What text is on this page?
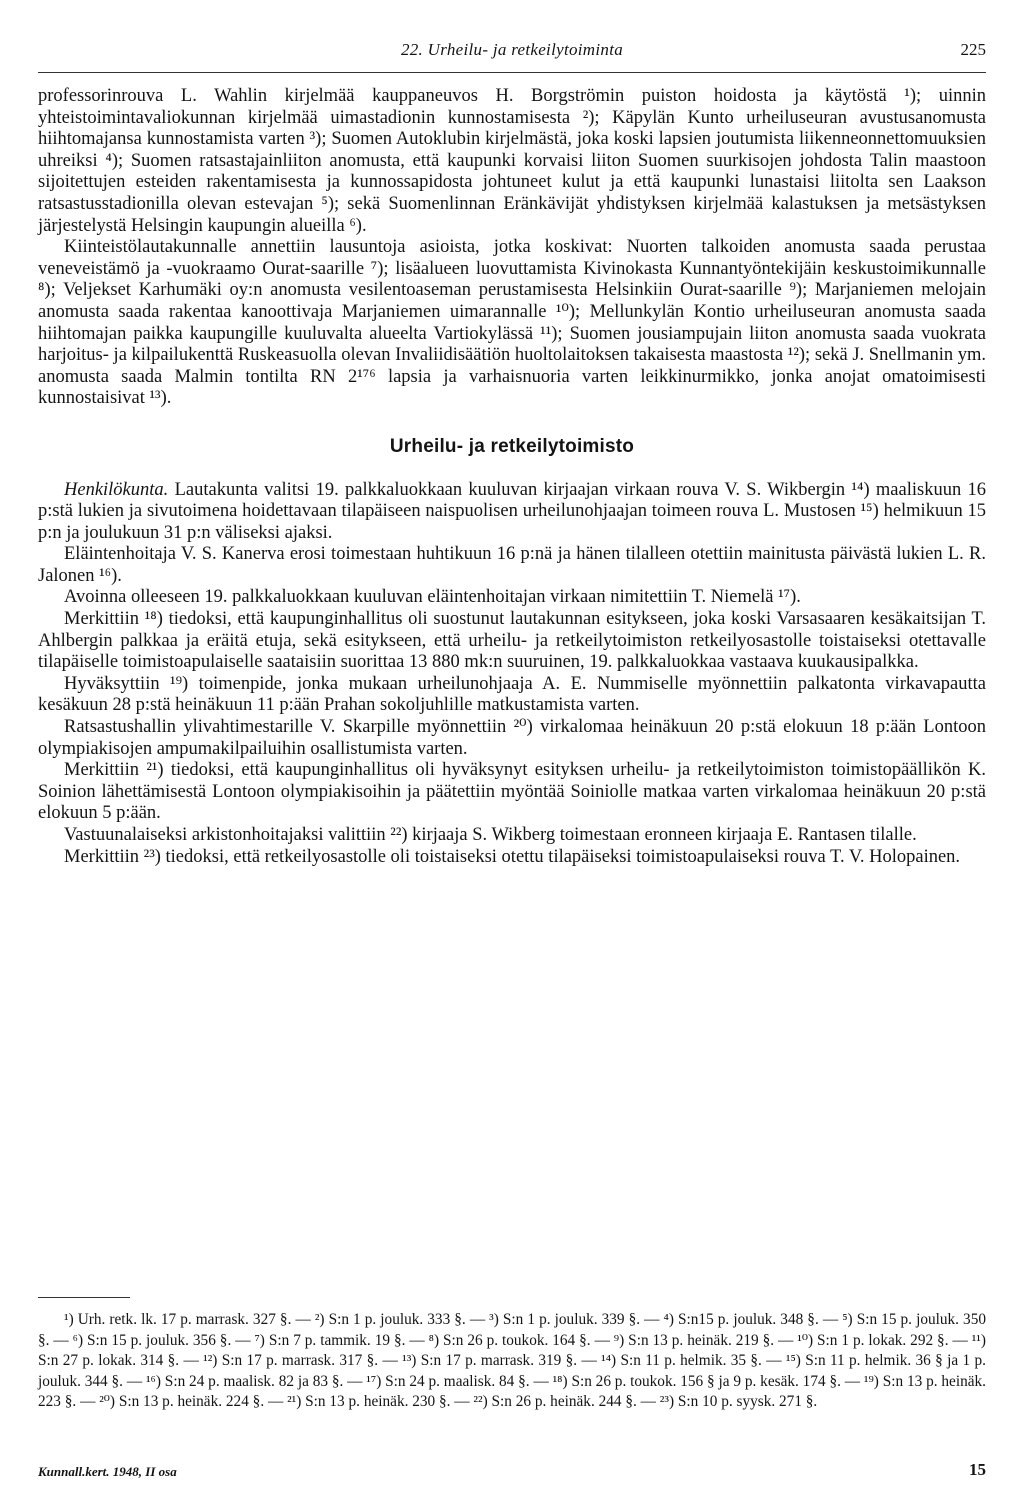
22. Urheilu- ja retkeilytoiminta	225

professorinrouva L. Wahlin kirjelmää kauppaneuvos H. Borgströmin puiston hoidosta ja käytöstä ¹); uinnin yhteistoimintavaliokunnan kirjelmää uimastadionin kunnostamisesta ²); Käpylän Kunto urheiluseuran avustusanomusta hiihtomajansa kunnostamista varten ³); Suomen Autoklubin kirjelmästä, joka koski lapsien joutumista liikenneonnettomuuksien uhreiksi ⁴); Suomen ratsastajainliiton anomusta, että kaupunki korvaisi liiton Suomen suurkisojen johdosta Talin maastoon sijoitettujen esteiden rakentamisesta ja kunnossapidosta johtuneet kulut ja että kaupunki lunastaisi liitolta sen Laakson ratsastusstadionilla olevan estevajan ⁵); sekä Suomenlinnan Eränkävijät yhdistyksen kirjelmää kalastuksen ja metsästyksen järjestelystä Helsingin kaupungin alueilla ⁶).

Kiinteistölautakunnalle annettiin lausuntoja asioista, jotka koskivat: Nuorten talkoiden anomusta saada perustaa veneveistämö ja -vuokraamo Ourat-saarille ⁷); lisäalueen luovuttamista Kivinokasta Kunnantyöntekijäin keskustoimikunnalle ⁸); Veljekset Karhumäki oy:n anomusta vesilentoaseman perustamisesta Helsinkiin Ourat-saarille ⁹); Marjaniemen melojain anomusta saada rakentaa kanoottivaja Marjaniemen uimarannalle ¹⁰); Mellunkylän Kontio urheiluseuran anomusta saada hiihtomajan paikka kaupungille kuuluvalta alueelta Vartiokylässä ¹¹); Suomen jousiampujain liiton anomusta saada vuokrata harjoitus- ja kilpailukenttä Ruskeasuolla olevan Invaliidisäätiön huoltolaitoksen takaisesta maastosta ¹²); sekä J. Snellmanin ym. anomusta saada Malmin tontilta RN 2¹⁷⁶ lapsia ja varhaisnuoria varten leikkinurmikko, jonka anojat omatoimisesti kunnostaisivat ¹³).

Urheilu- ja retkeilytoimisto

Henkilökunta. Lautakunta valitsi 19. palkkaluokkaan kuuluvan kirjaajan virkaan rouva V. S. Wikbergin ¹⁴) maaliskuun 16 p:stä lukien ja sivutoimena hoidettavaan tilapäiseen naispuolisen urheilunohjaajan toimeen rouva L. Mustosen ¹⁵) helmikuun 15 p:n ja joulukuun 31 p:n väliseksi ajaksi.

Eläintenhoitaja V. S. Kanerva erosi toimestaan huhtikuun 16 p:nä ja hänen tilalleen otettiin mainitusta päivästä lukien L. R. Jalonen ¹⁶).

Avoinna olleeseen 19. palkkaluokkaan kuuluvan eläintenhoitajan virkaan nimitettiin T. Niemelä ¹⁷).

Merkittiin ¹⁸) tiedoksi, että kaupunginhallitus oli suostunut lautakunnan esitykseen, joka koski Varsasaaren kesäkaitsijan T. Ahlbergin palkkaa ja eräitä etuja, sekä esitykseen, että urheilu- ja retkeilytoimiston retkeilyosastolle toistaiseksi otettavalle tilapäiselle toimistoapulaiselle saataisiin suorittaa 13 880 mk:n suuruinen, 19. palkkaluokkaa vastaava kuukausipalkka.

Hyväksyttiin ¹⁹) toimenpide, jonka mukaan urheilunohjaaja A. E. Nummiselle myönnettiin palkatonta virkavapautta kesäkuun 28 p:stä heinäkuun 11 p:ään Prahan sokoljuhlille matkustamista varten.

Ratsastushallin ylivahtimestarille V. Skarpille myönnettiin ²⁰) virkalomaa heinäkuun 20 p:stä elokuun 18 p:ään Lontoon olympiakisojen ampumakilpailuihin osallistumista varten.

Merkittiin ²¹) tiedoksi, että kaupunginhallitus oli hyväksynyt esityksen urheilu- ja retkeilytoimiston toimistopäällikön K. Soinion lähettämisestä Lontoon olympiakisoihin ja päätettiin myöntää Soiniolle matkaa varten virkalomaa heinäkuun 20 p:stä elokuun 5 p:ään.

Vastuunalaiseksi arkistonhoitajaksi valittiin ²²) kirjaaja S. Wikberg toimestaan eronneen kirjaaja E. Rantasen tilalle.

Merkittiin ²³) tiedoksi, että retkeilyosastolle oli toistaiseksi otettu tilapäiseksi toimistoapulaiseksi rouva T. V. Holopainen.

¹) Urh. retk. lk. 17 p. marrask. 327 §. — ²) S:n 1 p. jouluk. 333 §. — ³) S:n 1 p. jouluk. 339 §. — ⁴) S:n15 p. jouluk. 348 §. — ⁵) S:n 15 p. jouluk. 350 §. — ⁶) S:n 15 p. jouluk. 356 §. — ⁷) S:n 7 p. tammik. 19 §. — ⁸) S:n 26 p. toukok. 164 §. — ⁹) S:n 13 p. heinäk. 219 §. — ¹⁰) S:n 1 p. lokak. 292 §. — ¹¹) S:n 27 p. lokak. 314 §. — ¹²) S:n 17 p. marrask. 317 §. — ¹³) S:n 17 p. marrask. 319 §. — ¹⁴) S:n 11 p. helmik. 35 §. — ¹⁵) S:n 11 p. helmik. 36 § ja 1 p. jouluk. 344 §. — ¹⁶) S:n 24 p. maalisk. 82 ja 83 §. — ¹⁷) S:n 24 p. maalisk. 84 §. — ¹⁸) S:n 26 p. toukok. 156 § ja 9 p. kesäk. 174 §. — ¹⁹) S:n 13 p. heinäk. 223 §. — ²⁰) S:n 13 p. heinäk. 224 §. — ²¹) S:n 13 p. heinäk. 230 §. — ²²) S:n 26 p. heinäk. 244 §. — ²³) S:n 10 p. syysk. 271 §.

Kunnall.kert. 1948, II osa	15
